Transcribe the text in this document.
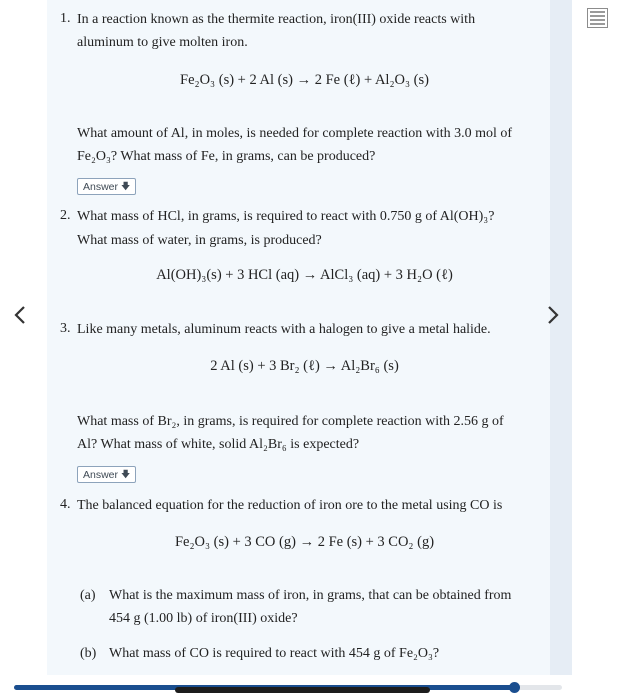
1. In a reaction known as the thermite reaction, iron(III) oxide reacts with
aluminum to give molten iron.
Fe₂O₃ (s) + 2 Al (s) → 2 Fe (ℓ) + Al₂O₃ (s)
What amount of Al, in moles, is needed for complete reaction with 3.0 mol of
Fe₂O₃? What mass of Fe, in grams, can be produced?
Answer 🡇
2. What mass of HCl, in grams, is required to react with 0.750 g of Al(OH)₃?
What mass of water, in grams, is produced?
Al(OH)₃(s) + 3 HCl (aq) → AlCl₃ (aq) + 3 H₂O (ℓ)
3. Like many metals, aluminum reacts with a halogen to give a metal halide.
2 Al (s) + 3 Br₂ (ℓ) → Al₂Br₆ (s)
What mass of Br₂, in grams, is required for complete reaction with 2.56 g of
Al? What mass of white, solid Al₂Br₆ is expected?
Answer 🡇
4. The balanced equation for the reduction of iron ore to the metal using CO is
Fe₂O₃ (s) + 3 CO (g) → 2 Fe (s) + 3 CO₂ (g)
(a) What is the maximum mass of iron, in grams, that can be obtained from
454 g (1.00 lb) of iron(III) oxide?
(b) What mass of CO is required to react with 454 g of Fe₂O₃?
